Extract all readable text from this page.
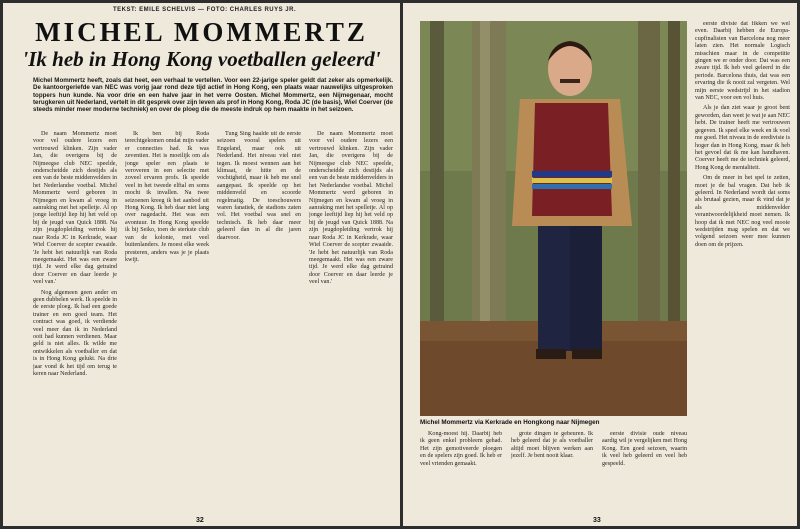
TEKST: EMILE SCHELVIS — FOTO: CHARLES RUYS JR.
MICHEL MOMMERTZ
'Ik heb in Hong Kong voetballen geleerd'
Michel Mommertz heeft, zoals dat heet, een verhaal te vertellen. Voor een 22-jarige speler geldt dat zeker als opmerkelijk. De kantoorgeriefde van NEC was vorig jaar rond deze tijd actief in Hong Kong, een plaats waar nauwelijks uitgesproken toppers hun kunde. Na voor drie en een halve jaar in het verre Oosten. Michel Mommertz, een Nijmegenaar, mocht terugkeren uit Nederland, vertelt in dit gesprek over zijn leven als prof in Hong Kong, Roda JC (de basis), Wiel Coerver (de steeds minder meer moderne techniek) en over de ploeg die de meeste indruk op hem maakte in het seizoen.

De naam Mommertz moet voor vel oudere lezers een vertrouwd klinken. Zijn vader Jan, die overigens bij de Nijmeegse club NEC speelde, onderscheidde zich destijds als een van de beste middenvelders in het Nederlandse voetbal. Michel Mommertz werd geboren in Nijmegen en kwam al vroeg in aanraking met het spelletje. Al op jonge leeftijd liep hij het veld op bij de jeugd van Quick 1888. Na zijn jeugdopleiding vertrok hij naar Roda JC in Kerkrade, waar Wiel Coerver de scepter zwaaide. 'Je hebt het natuurlijk van Roda meegemaakt. Het was een zware tijd. Je werd elke dag getraind door Coerver en daar leerde je veel van.'

Nog algemeen geen ander en geen dubbelen werk. Ik speelde in de eerste ploeg. Ik had een goede trainer en een goed team. Het contract was goed, ik verdiende veel meer dan ik in Nederland ooit had kunnen verdienen. Maar geld is niet alles. Ik wilde me ontwikkelen als voetballer en dat is in Hong Kong gelukt. Na drie jaar vond ik het tijd om terug te keren naar Nederland.

Ik ben bij Roda terechtgekomen omdat mijn vader er connecties had. Ik was zeventien. Het is moeilijk om als jonge speler een plaats te veroveren in een selectie met zoveel ervaren profs. Ik speelde veel in het tweede elftal en soms mocht ik invallen. Na twee seizoenen kreeg ik het aanbod uit Hong Kong. Ik heb daar niet lang over nagedacht. Het was een avontuur. In Hong Kong speelde ik bij Seiko, toen de sterkste club van de kolonie, met veel buitenlanders. Je moest elke week presteren, anders was je je plaats kwijt.

Tung Sing haalde uit de eerste seizoen vooral spelers uit Engeland, maar ook uit Nederland. Het niveau viel niet tegen. Ik moest wennen aan het klimaat, de hitte en de vochtigheid, maar ik heb me snel aangepast. Ik speelde op het middenveld en scoorde regelmatig. De toeschouwers waren fanatiek, de stadions zaten vol. Het voetbal was snel en technisch. Ik heb daar meer geleerd dan in al die jaren daarvoor.

De naam Mommertz moet voor vel oudere lezers een vertrouwd klinken. Zijn vader Jan, die overigens bij de Nijmeegse club NEC speelde, onderscheidde zich destijds als een van de beste middenvelders in het Nederlandse voetbal. Michel Mommertz werd geboren in Nijmegen en kwam al vroeg in aanraking met het spelletje. Al op jonge leeftijd liep hij het veld op bij de jeugd van Quick 1888. Na zijn jeugdopleiding vertrok hij naar Roda JC in Kerkrade, waar Wiel Coerver de scepter zwaaide. 'Je hebt het natuurlijk van Roda meegemaakt. Het was een zware tijd. Je werd elke dag getraind door Coerver en daar leerde je veel van.'

32
Michel Mommertz via Kerkrade en Hongkong naar Nijmegen

eerste divisie dat fikken we wel even. Daarbij hebben de Europa-cupfinalisten van Barcelona nog meer laten zien. Het normale Logisch misschien maar in de competitie gingen we er onder door. Dat was een zware tijd. Ik heb veel geleerd in die periode. Barcelona thuis, dat was een ervaring die ik nooit zal vergeten. Wel mijn eerste wedstrijd in het stadion van NEC, voor een vol huis.

Als je dan ziet waar je groot bent geworden, dan weet je wat je aan NEC hebt. De trainer heeft me vertrouwen gegeven. Ik speel elke week en ik voel me goed. Het niveau in de eredivisie is hoger dan in Hong Kong, maar ik heb het gevoel dat ik me kan handhaven. Coerver heeft me de techniek geleerd, Hong Kong de mentaliteit.

Om de meer in het spel te zetten, moet je de bal vragen. Dat heb ik geleerd. In Nederland wordt dat soms als brutaal gezien, maar ik vind dat je als middenvelder verantwoordelijkheid moet nemen. Ik hoop dat ik met NEC nog veel mooie wedstrijden mag spelen en dat we volgend seizoen weer mee kunnen doen om de prijzen.

Kong-moest hij. Daarbij heb ik geen enkel probleem gehad. Het zijn gemotiveerde ploegen en de spelers zijn goed. Ik heb er veel vrienden gemaakt.

grote dingen te gebeuren. Ik heb geleerd dat je als voetballer altijd moet blijven werken aan jezelf. Je bent nooit klaar.

eerste divisie oude niveau aardig wil je vergelijken met Hong Kong. Een goed seizoen, waarin ik veel heb geleerd en veel heb gespeeld.

33
